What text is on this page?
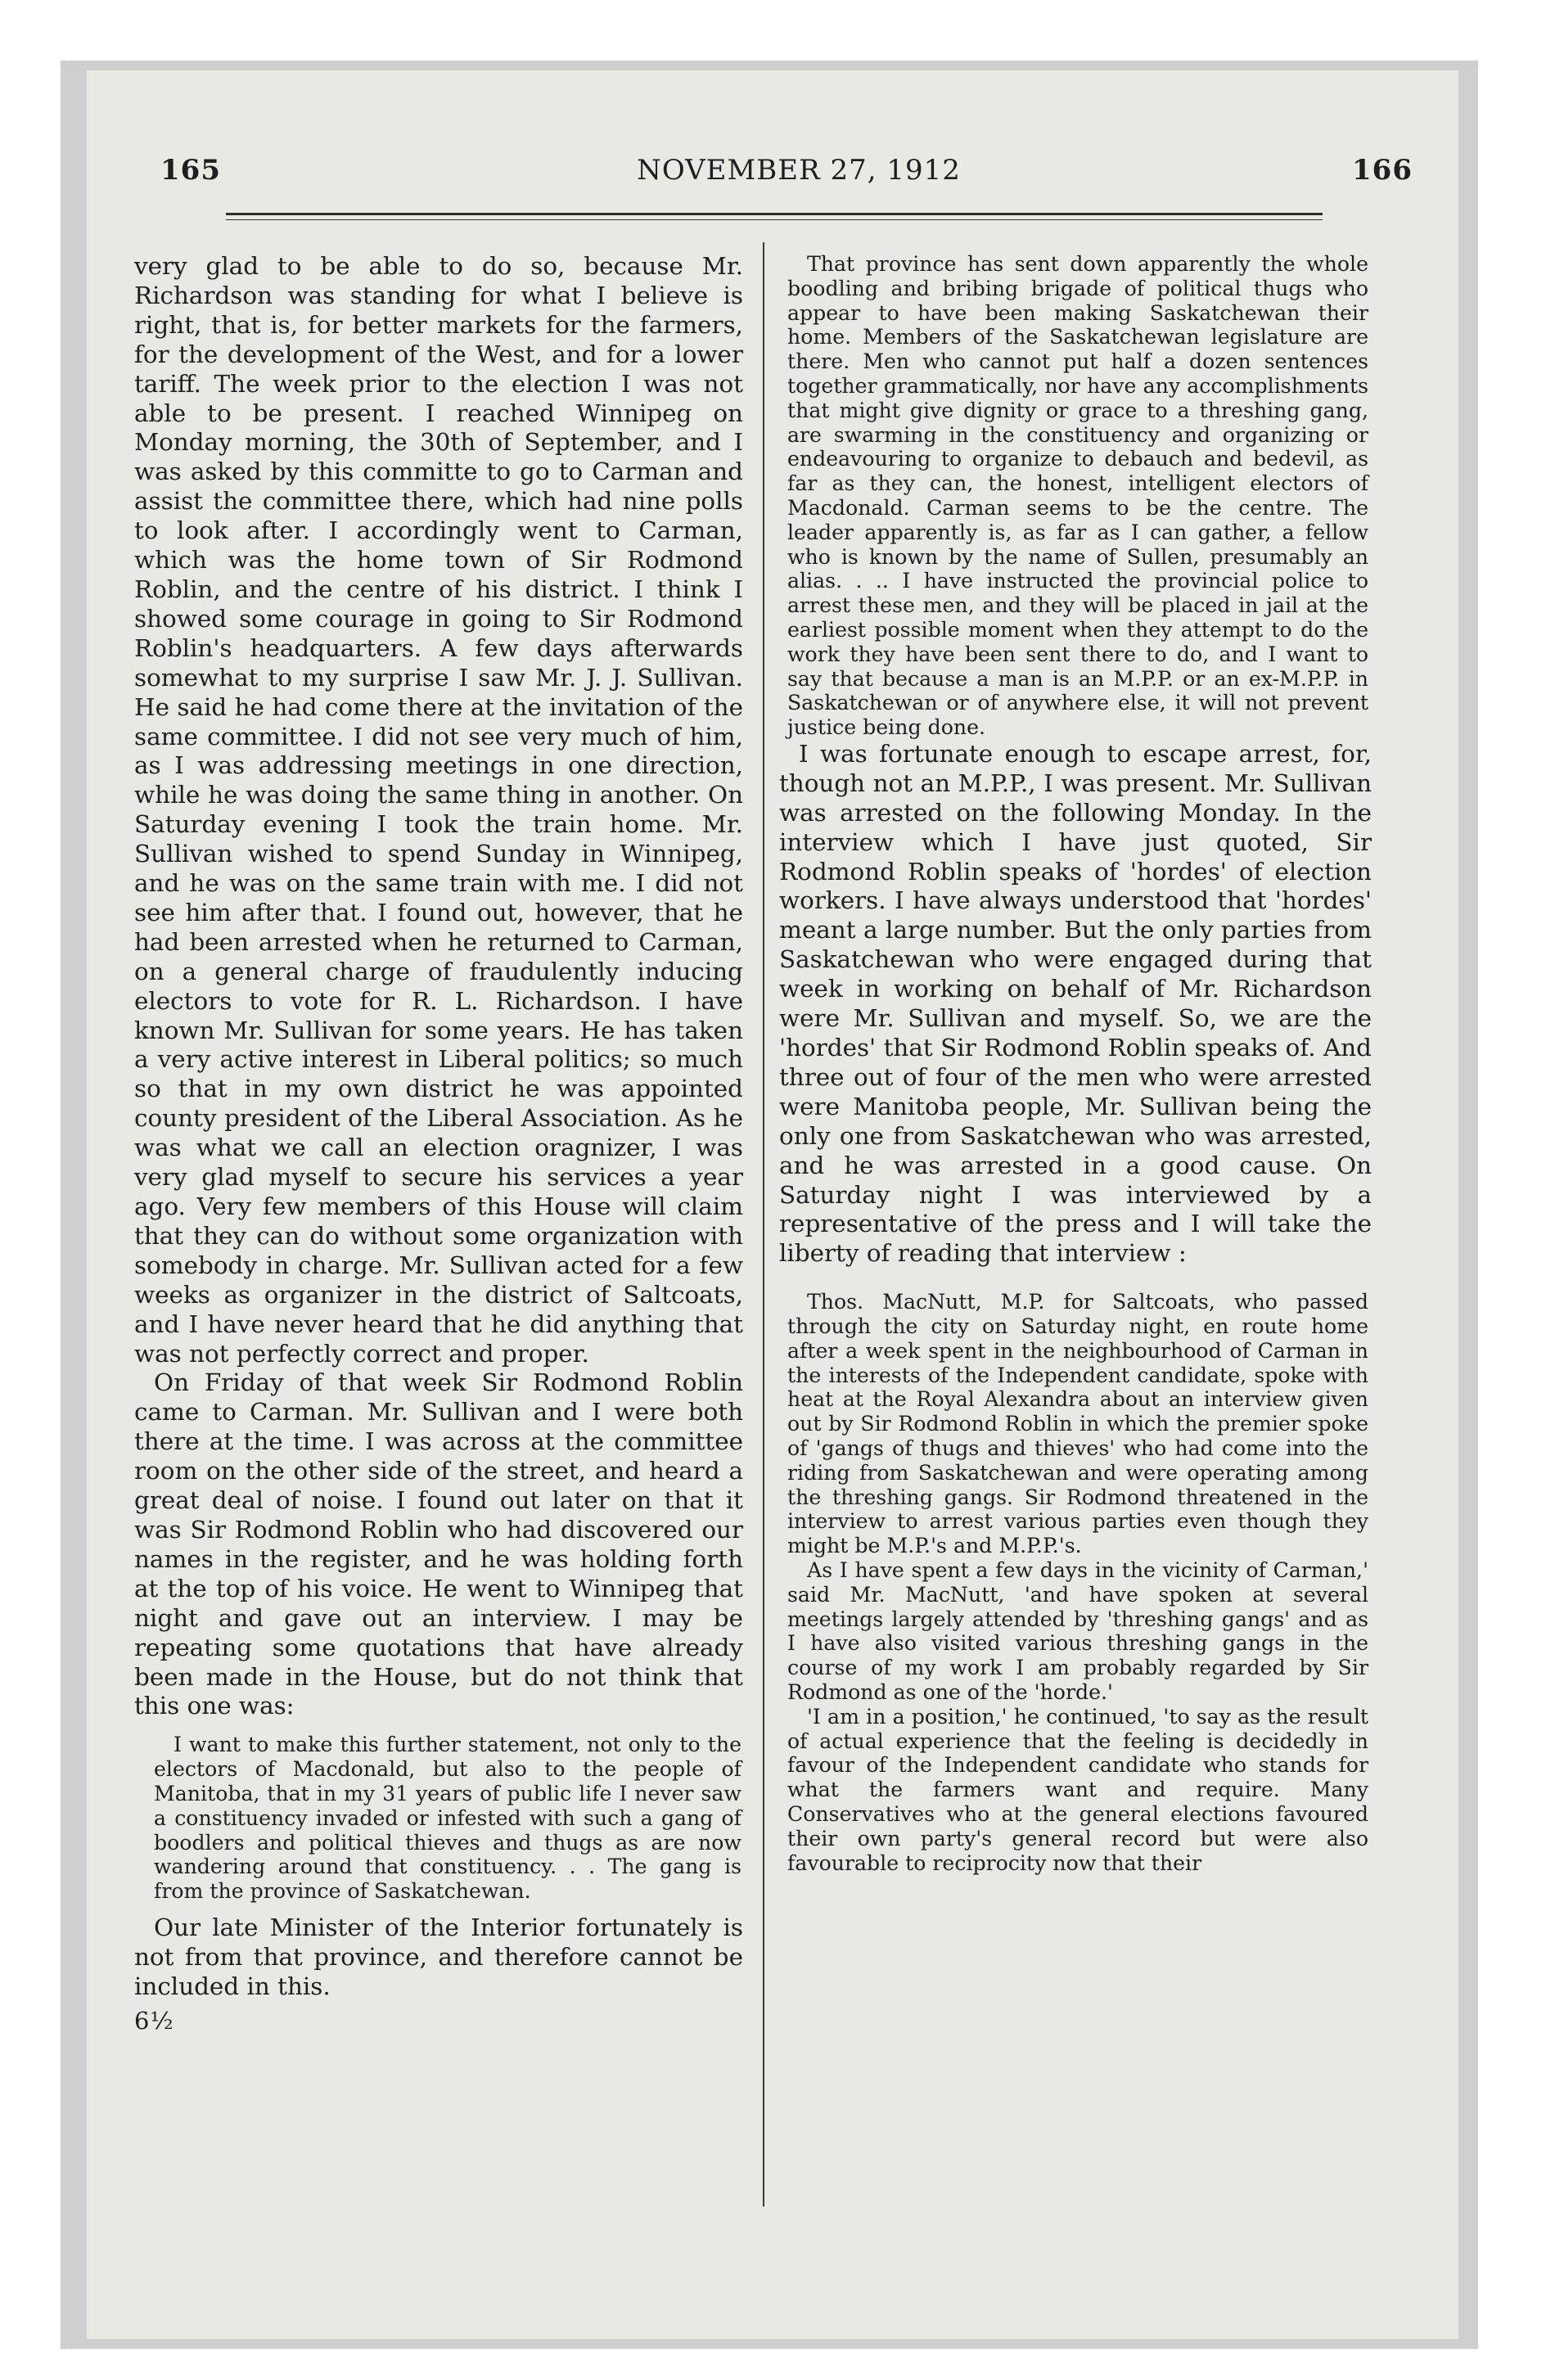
165	NOVEMBER 27, 1912	166

very glad to be able to do so, because Mr. Richardson was standing for what I believe is right, that is, for better markets for the farmers, for the development of the West, and for a lower tariff. The week prior to the election I was not able to be present. I reached Winnipeg on Monday morning, the 30th of September, and I was asked by this committe to go to Carman and assist the committee there, which had nine polls to look after. I accordingly went to Carman, which was the home town of Sir Rodmond Roblin, and the centre of his district. I think I showed some courage in going to Sir Rodmond Roblin's headquarters. A few days afterwards somewhat to my surprise I saw Mr. J. J. Sullivan. He said he had come there at the invitation of the same committee. I did not see very much of him, as I was addressing meetings in one direction, while he was doing the same thing in another. On Saturday evening I took the train home. Mr. Sullivan wished to spend Sunday in Winnipeg, and he was on the same train with me. I did not see him after that. I found out, however, that he had been arrested when he returned to Carman, on a general charge of fraudulently inducing electors to vote for R. L. Richardson. I have known Mr. Sullivan for some years. He has taken a very active interest in Liberal politics; so much so that in my own district he was appointed county president of the Liberal Association. As he was what we call an election oragnizer, I was very glad myself to secure his services a year ago. Very few members of this House will claim that they can do without some organization with somebody in charge. Mr. Sullivan acted for a few weeks as organizer in the district of Saltcoats, and I have never heard that he did anything that was not perfectly correct and proper.

On Friday of that week Sir Rodmond Roblin came to Carman. Mr. Sullivan and I were both there at the time. I was across at the committee room on the other side of the street, and heard a great deal of noise. I found out later on that it was Sir Rodmond Roblin who had discovered our names in the register, and he was holding forth at the top of his voice. He went to Winnipeg that night and gave out an interview. I may be repeating some quotations that have already been made in the House, but do not think that this one was:

I want to make this further statement, not only to the electors of Macdonald, but also to the people of Manitoba, that in my 31 years of public life I never saw a constituency invaded or infested with such a gang of boodlers and political thieves and thugs as are now wandering around that constituency. . . The gang is from the province of Saskatchewan.

Our late Minister of the Interior fortunately is not from that province, and therefore cannot be included in this.

6½

That province has sent down apparently the whole boodling and bribing brigade of political thugs who appear to have been making Saskatchewan their home. Members of the Saskatchewan legislature are there. Men who cannot put half a dozen sentences together grammatically, nor have any accomplishments that might give dignity or grace to a threshing gang, are swarming in the constituency and organizing or endeavouring to organize to debauch and bedevil, as far as they can, the honest, intelligent electors of Macdonald. Carman seems to be the centre. The leader apparently is, as far as I can gather, a fellow who is known by the name of Sullen, presumably an alias. . .. I have instructed the provincial police to arrest these men, and they will be placed in jail at the earliest possible moment when they attempt to do the work they have been sent there to do, and I want to say that because a man is an M.P.P. or an ex-M.P.P. in Saskatchewan or of anywhere else, it will not prevent justice being done.

I was fortunate enough to escape arrest, for, though not an M.P.P., I was present. Mr. Sullivan was arrested on the following Monday. In the interview which I have just quoted, Sir Rodmond Roblin speaks of 'hordes' of election workers. I have always understood that 'hordes' meant a large number. But the only parties from Saskatchewan who were engaged during that week in working on behalf of Mr. Richardson were Mr. Sullivan and myself. So, we are the 'hordes' that Sir Rodmond Roblin speaks of. And three out of four of the men who were arrested were Manitoba people, Mr. Sullivan being the only one from Saskatchewan who was arrested, and he was arrested in a good cause. On Saturday night I was interviewed by a representative of the press and I will take the liberty of reading that interview :

Thos. MacNutt, M.P. for Saltcoats, who passed through the city on Saturday night, en route home after a week spent in the neighbourhood of Carman in the interests of the Independent candidate, spoke with heat at the Royal Alexandra about an interview given out by Sir Rodmond Roblin in which the premier spoke of 'gangs of thugs and thieves' who had come into the riding from Saskatchewan and were operating among the threshing gangs. Sir Rodmond threatened in the interview to arrest various parties even though they might be M.P.'s and M.P.P.'s.

As I have spent a few days in the vicinity of Carman,' said Mr. MacNutt, 'and have spoken at several meetings largely attended by 'threshing gangs' and as I have also visited various threshing gangs in the course of my work I am probably regarded by Sir Rodmond as one of the 'horde.'

'I am in a position,' he continued, 'to say as the result of actual experience that the feeling is decidedly in favour of the Independent candidate who stands for what the farmers want and require. Many Conservatives who at the general elections favoured their own party's general record but were also favourable to reciprocity now that their
